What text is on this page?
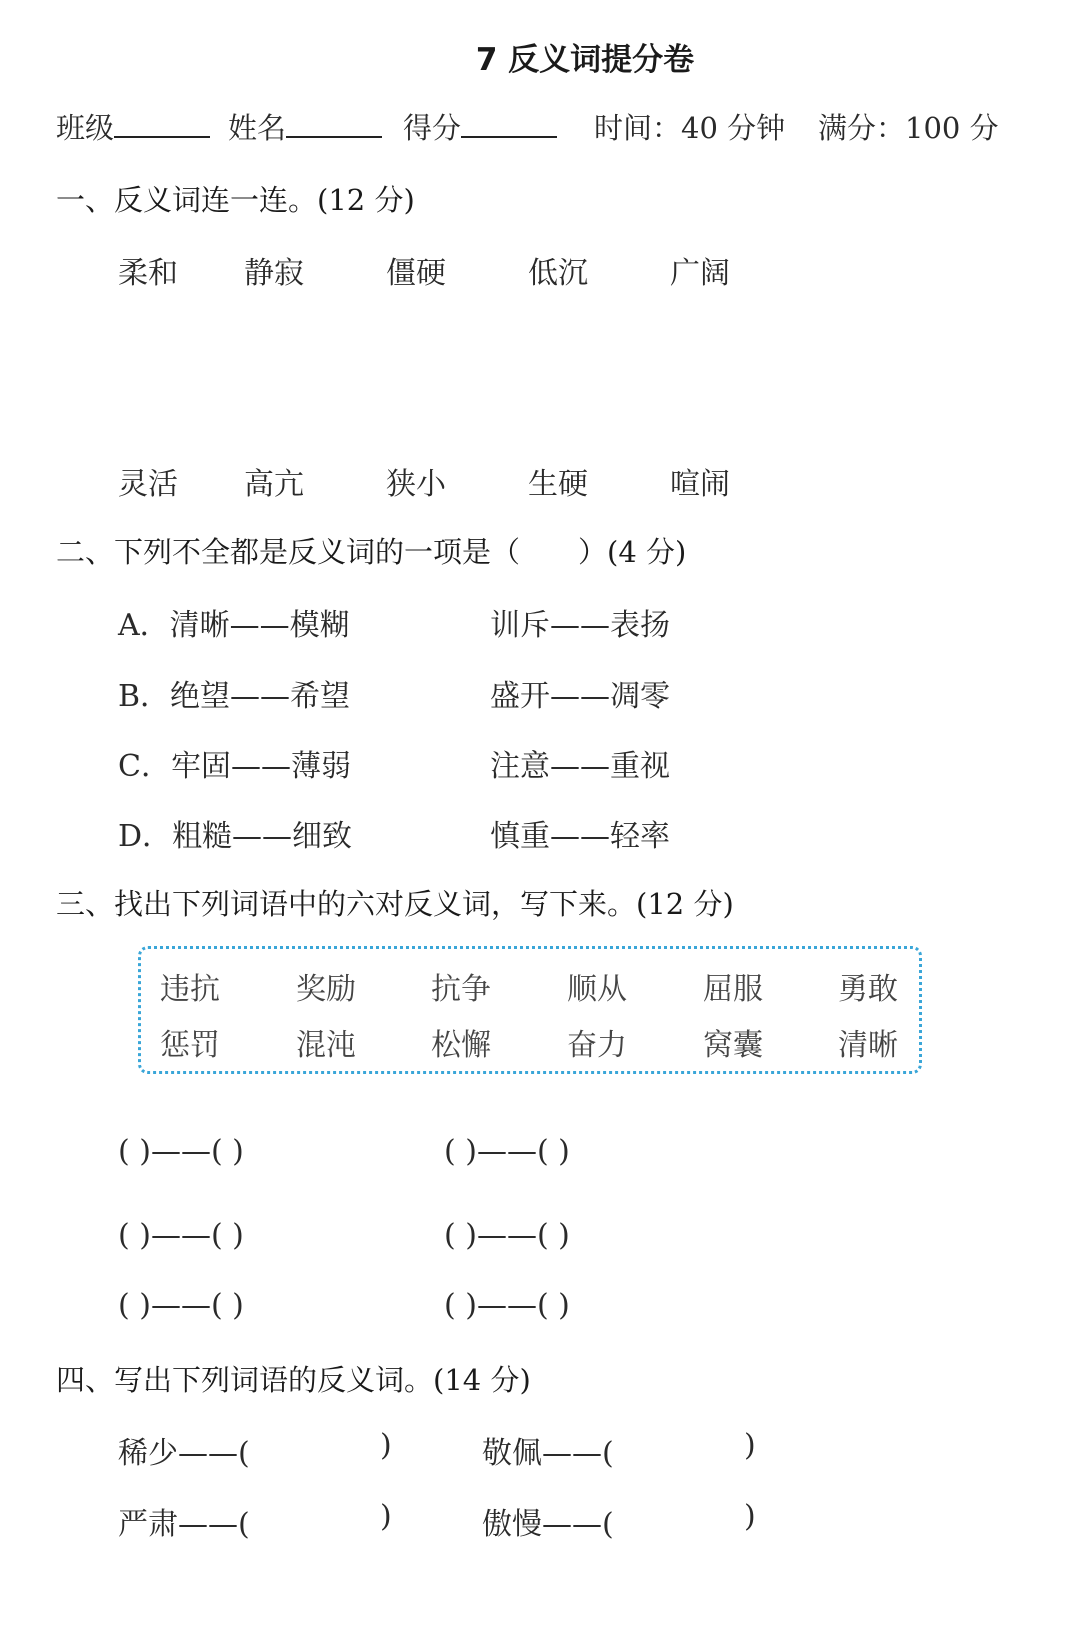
7 反义词提分卷
班级	姓名	得分	时间：40 分钟 满分：100 分
一、反义词连一连。(12 分)
柔和 静寂	僵硬	低沉	广阔
灵活 高亢	狭小	生硬	喧闹
二、下列不全都是反义词的一项是（　　）(4 分)
A．清晰——模糊	训斥——表扬
B．绝望——希望	盛开——凋零
C．牢固——薄弱	注意——重视
D．粗糙——细致	慎重——轻率
三、找出下列词语中的六对反义词，写下来。(12 分)
违抗	奖励	抗争	顺从	屈服	勇敢
惩罚	混沌	松懈	奋力	窝囊	清晰
( )——( )	( )——( )
( )——( )	( )——( )
( )——( )	( )——( )
四、写出下列词语的反义词。(14 分)
稀少——(	)	敬佩——(	)
严肃——(	)	傲慢——(	)
